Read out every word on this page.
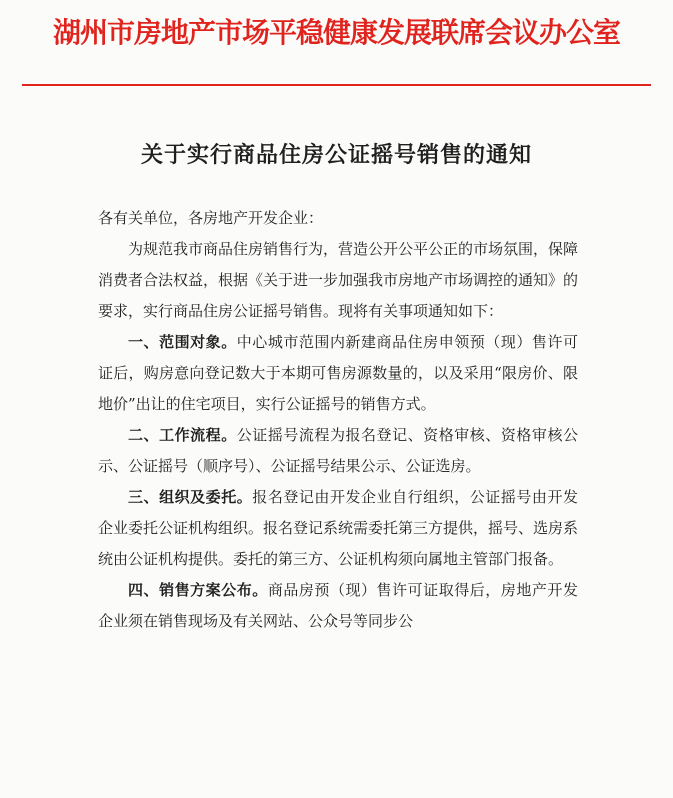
湖州市房地产市场平稳健康发展联席会议办公室
关于实行商品住房公证摇号销售的通知

各有关单位，各房地产开发企业：

为规范我市商品住房销售行为，营造公开公平公正的市场氛围，保障消费者合法权益，根据《关于进一步加强我市房地产市场调控的通知》的要求，实行商品住房公证摇号销售。现将有关事项通知如下：

一、范围对象。中心城市范围内新建商品住房申领预（现）售许可证后，购房意向登记数大于本期可售房源数量的，以及采用“限房价、限地价”出让的住宅项目，实行公证摇号的销售方式。

二、工作流程。公证摇号流程为报名登记、资格审核、资格审核公示、公证摇号（顺序号）、公证摇号结果公示、公证选房。

三、组织及委托。报名登记由开发企业自行组织，公证摇号由开发企业委托公证机构组织。报名登记系统需委托第三方提供，摇号、选房系统由公证机构提供。委托的第三方、公证机构须向属地主管部门报备。

四、销售方案公布。商品房预（现）售许可证取得后，房地产开发企业须在销售现场及有关网站、公众号等同步公
